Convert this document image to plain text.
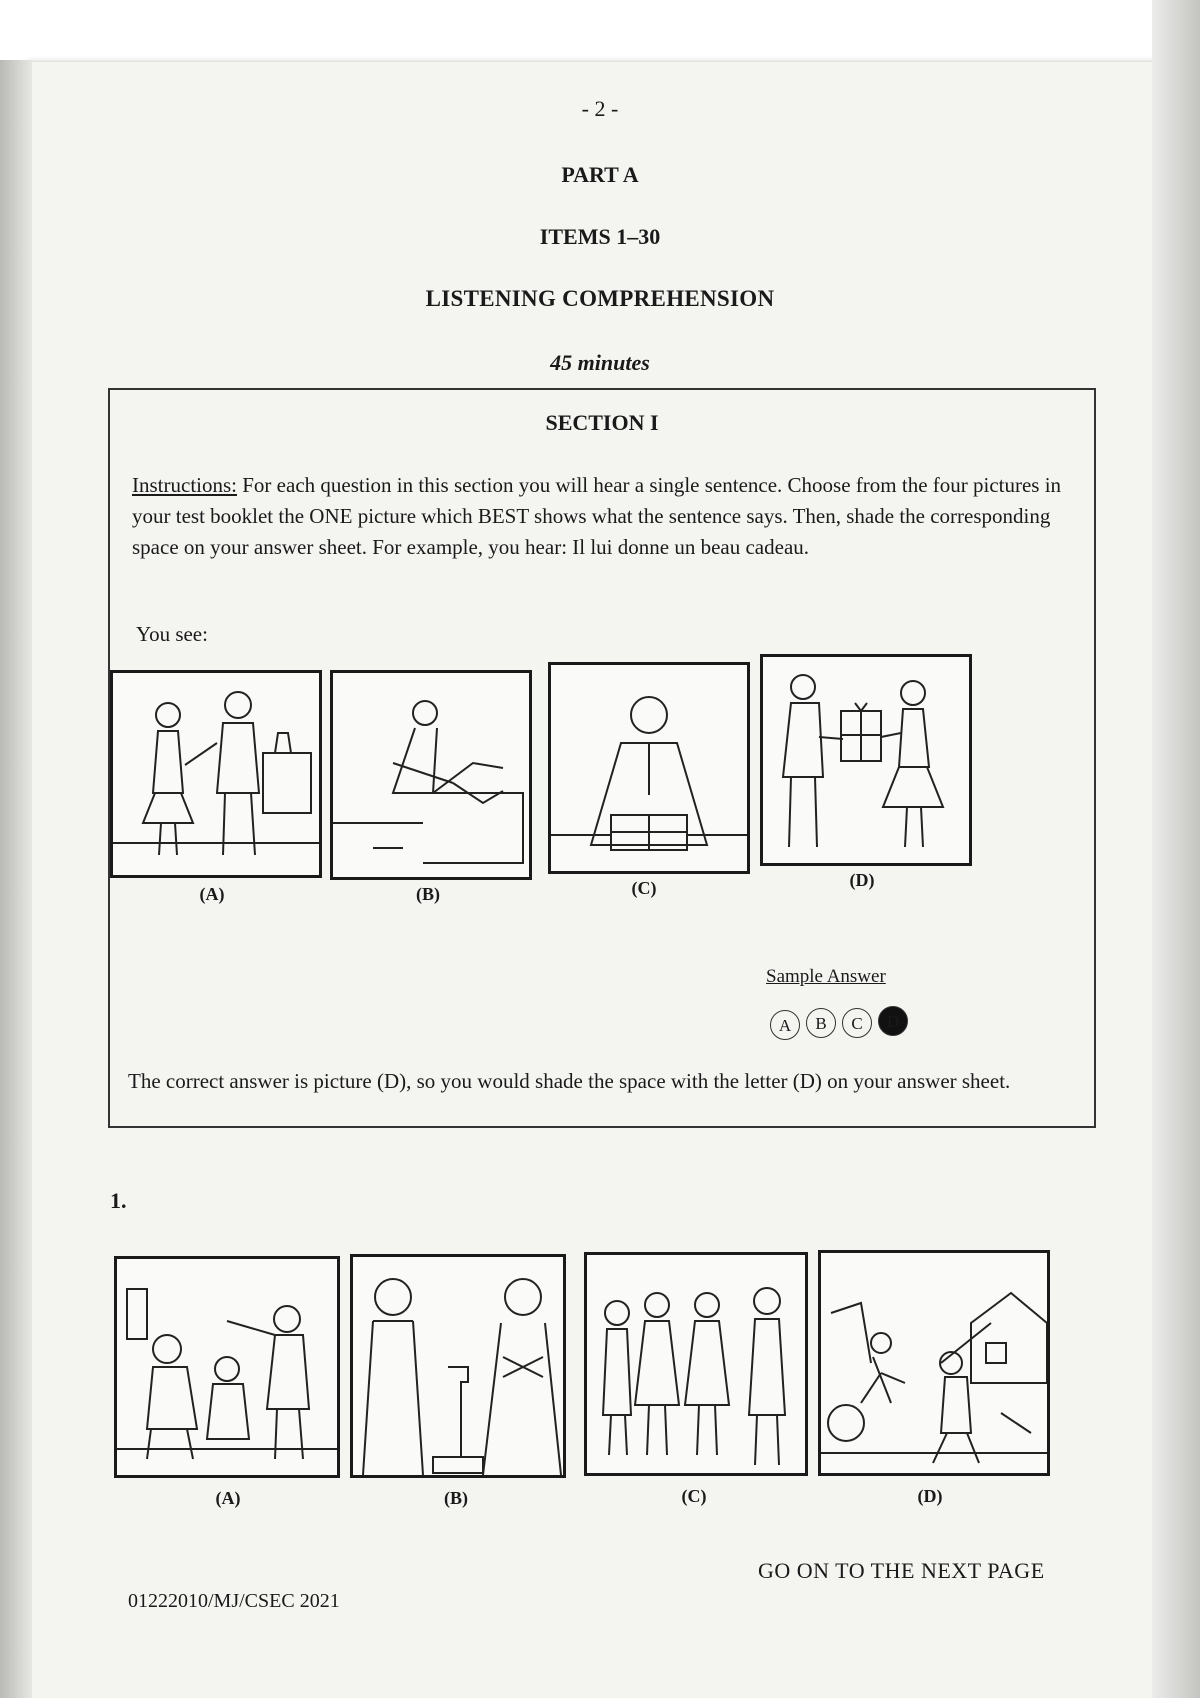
- 2 -
PART A
ITEMS 1–30
LISTENING COMPREHENSION
45 minutes
SECTION I
Instructions: For each question in this section you will hear a single sentence. Choose from the four pictures in your test booklet the ONE picture which BEST shows what the sentence says. Then, shade the corresponding space on your answer sheet. For example, you hear: Il lui donne un beau cadeau.
You see:
(A)	(B)	(C)	(D)
Sample Answer
A	B	C	D
The correct answer is picture (D), so you would shade the space with the letter (D) on your answer sheet.
1.
(A)	(B)	(C)	(D)
GO ON TO THE NEXT PAGE
01222010/MJ/CSEC 2021
